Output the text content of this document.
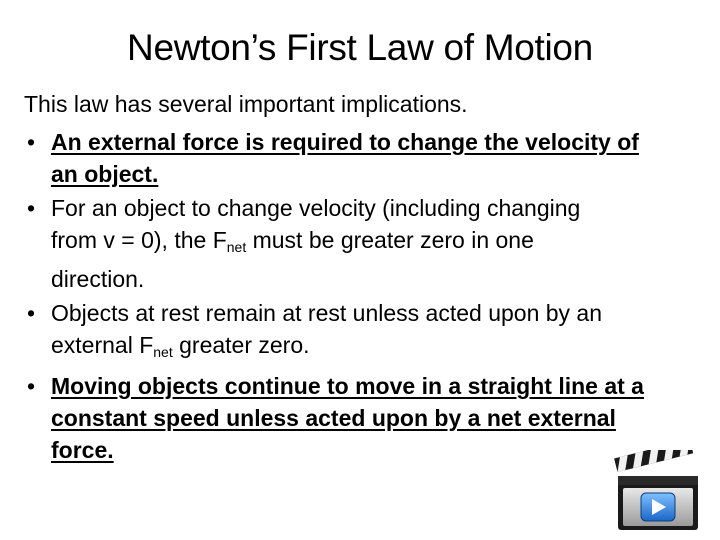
Newton’s First Law of Motion
This law has several important implications.
• An external force is required to change the velocity of
an object.
• For an object to change velocity (including changing
from v = 0), the $F_{net}$ must be greater zero in one
direction.
• Objects at rest remain at rest unless acted upon by an
external $F_{net}$ greater zero.
• Moving objects continue to move in a straight line at a
constant speed unless acted upon by a net external
force.
